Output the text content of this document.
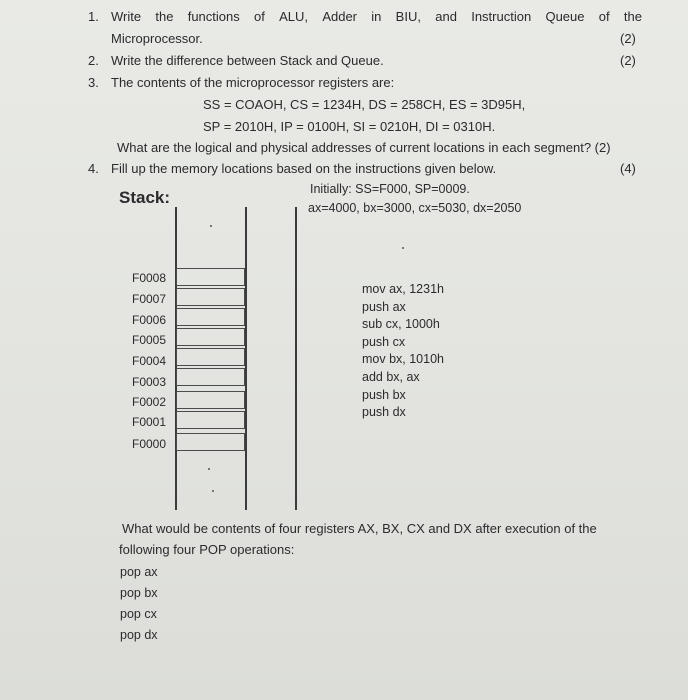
1. Write the functions of ALU, Adder in BIU, and Instruction Queue of the
Microprocessor.	(2)
2. Write the difference between Stack and Queue.	(2)
3. The contents of the microprocessor registers are:
SS = COAOH, CS = 1234H, DS = 258CH, ES = 3D95H,
SP = 2010H, IP = 0100H, SI = 0210H, DI = 0310H.
What are the logical and physical addresses of current locations in each segment? (2)
4. Fill up the memory locations based on the instructions given below.	(4)
Stack:	Initially: SS=F000, SP=0009.
ax=4000, bx=3000, cx=5030, dx=2050
F0008
F0007
F0006
F0005
F0004
F0003
F0002
F0001
F0000
mov ax, 1231h
push ax
sub cx, 1000h
push cx
mov bx, 1010h
add bx, ax
push bx
push dx
What would be contents of four registers AX, BX, CX and DX after execution of the
following four POP operations:
pop ax
pop bx
pop cx
pop dx
